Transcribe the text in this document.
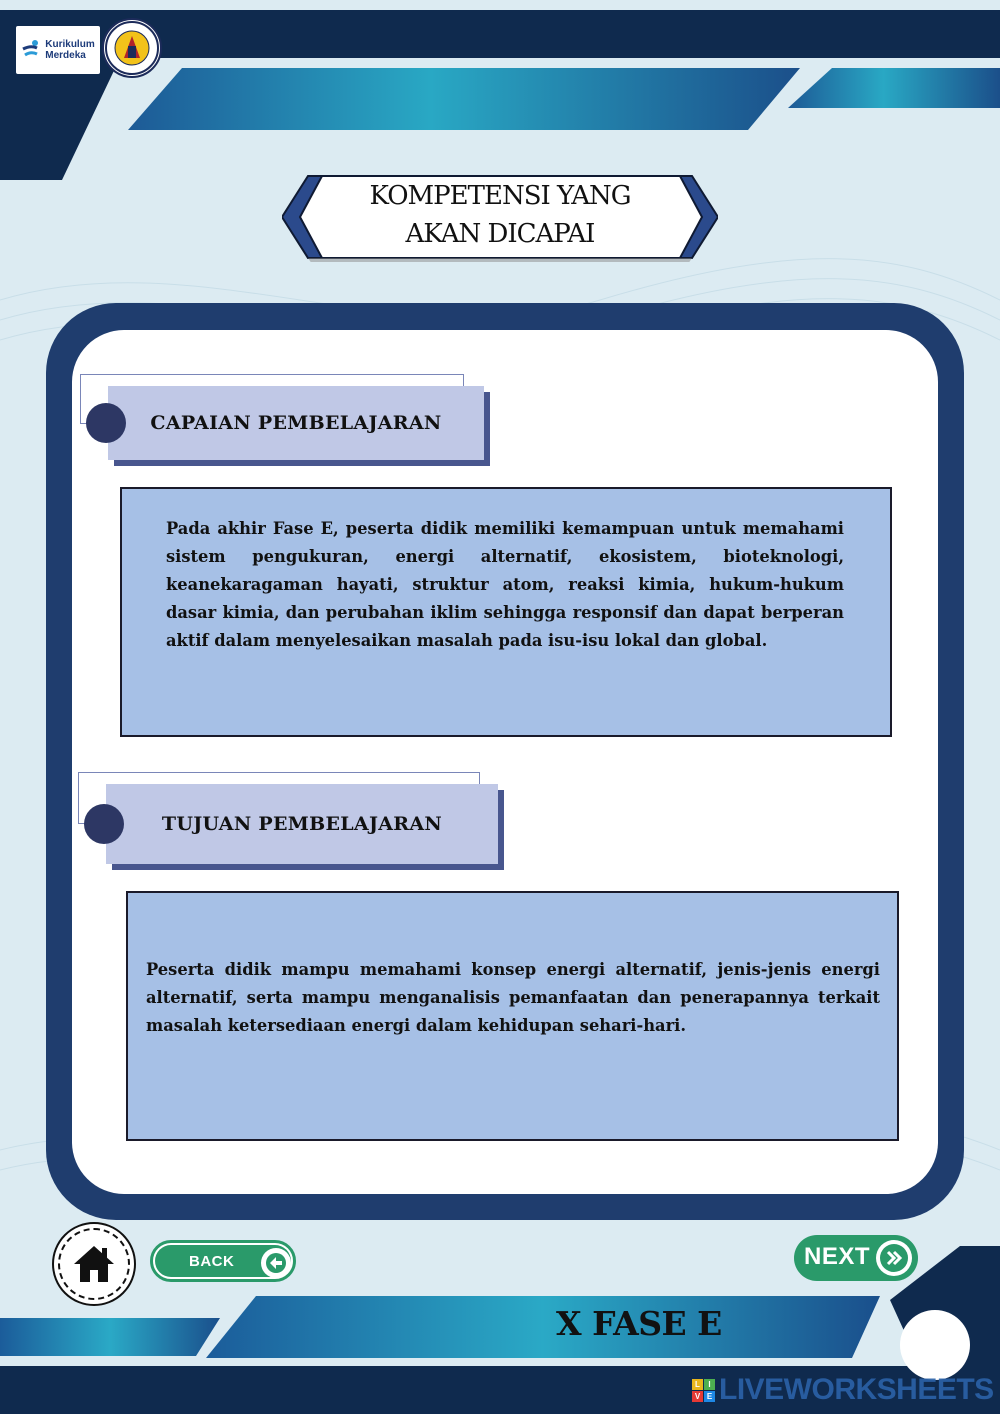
Kurikulum
Merdeka
KOMPETENSI YANG
AKAN DICAPAI
CAPAIAN PEMBELAJARAN
Pada akhir Fase E, peserta didik memiliki kemampuan untuk memahami sistem pengukuran, energi alternatif, ekosistem, bioteknologi, keanekaragaman hayati, struktur atom, reaksi kimia, hukum-hukum dasar kimia, dan perubahan iklim sehingga responsif dan dapat berperan aktif dalam menyelesaikan masalah pada isu-isu lokal dan global.
TUJUAN PEMBELAJARAN
Peserta didik mampu memahami konsep energi alternatif, jenis-jenis energi alternatif, serta mampu menganalisis pemanfaatan dan penerapannya terkait masalah ketersediaan energi dalam kehidupan sehari-hari.
BACK	NEXT
X FASE E
L	I
V E LIVEWORKSHEETS
